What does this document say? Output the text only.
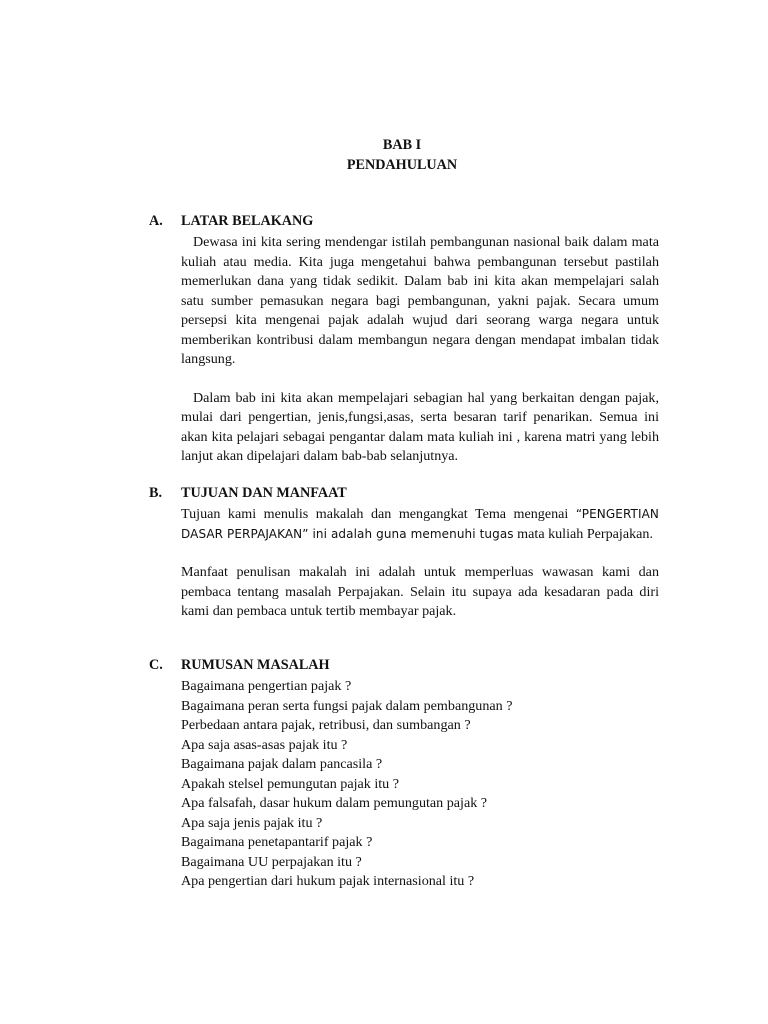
BAB I
PENDAHULUAN
A. LATAR BELAKANG

Dewasa ini kita sering mendengar istilah pembangunan nasional baik dalam mata kuliah atau media. Kita juga mengetahui bahwa pembangunan tersebut pastilah memerlukan dana yang tidak sedikit. Dalam bab ini kita akan mempelajari salah satu sumber pemasukan negara bagi pembangunan, yakni pajak. Secara umum persepsi kita mengenai pajak adalah wujud dari seorang warga negara untuk memberikan kontribusi dalam membangun negara dengan mendapat imbalan tidak langsung.

Dalam bab ini kita akan mempelajari sebagian hal yang berkaitan dengan pajak, mulai dari pengertian, jenis,fungsi,asas, serta besaran tarif penarikan. Semua ini akan kita pelajari sebagai pengantar dalam mata kuliah ini , karena matri yang lebih lanjut akan dipelajari dalam bab-bab selanjutnya.

B. TUJUAN DAN MANFAAT

Tujuan kami menulis makalah dan mengangkat Tema mengenai “PENGERTIAN DASAR PERPAJAKAN” ini adalah guna memenuhi tugas mata kuliah Perpajakan.

Manfaat penulisan makalah ini adalah untuk memperluas wawasan kami dan pembaca tentang masalah Perpajakan. Selain itu supaya ada kesadaran pada diri kami dan pembaca untuk tertib membayar pajak.

C. RUMUSAN MASALAH
Bagaimana pengertian pajak ?
Bagaimana peran serta fungsi pajak dalam pembangunan ?
Perbedaan antara pajak, retribusi, dan sumbangan ?
Apa saja asas-asas pajak itu ?
Bagaimana pajak dalam pancasila ?
Apakah stelsel pemungutan pajak itu ?
Apa falsafah, dasar hukum dalam pemungutan pajak ?
Apa saja jenis pajak itu ?
Bagaimana penetapantarif pajak ?
Bagaimana UU perpajakan itu ?
Apa pengertian dari hukum pajak internasional itu ?
